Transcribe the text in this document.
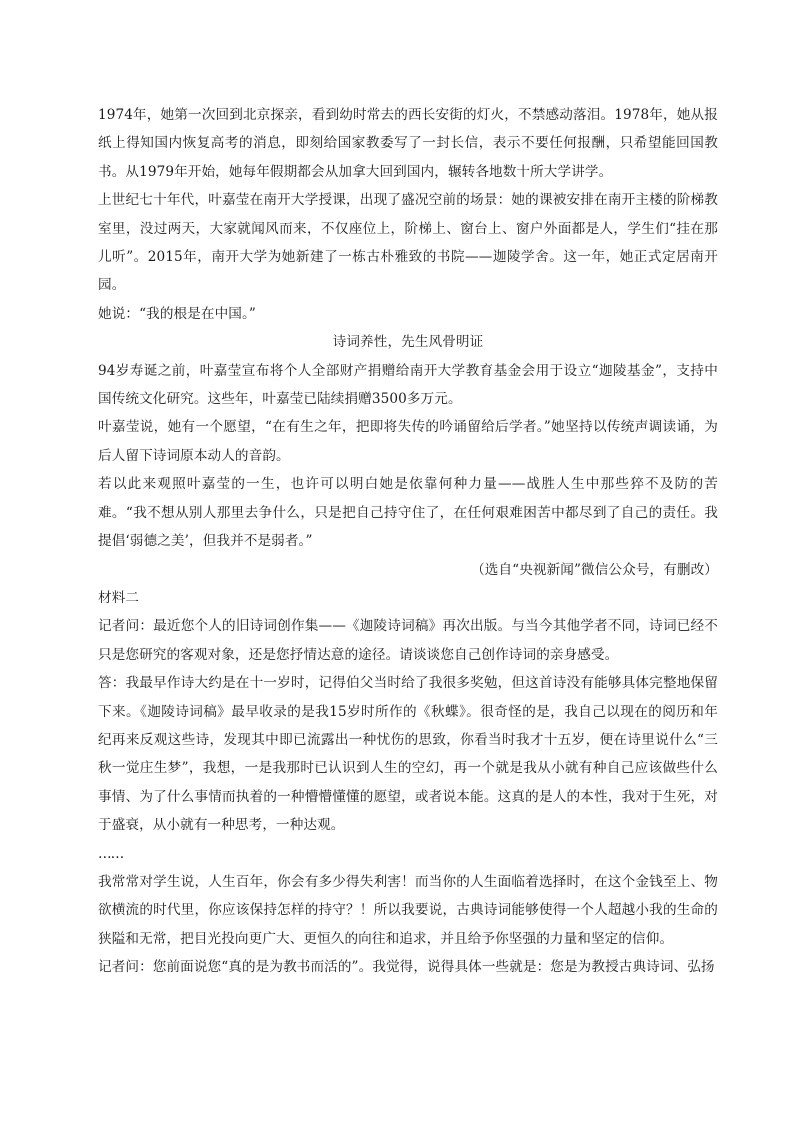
1974年，她第一次回到北京探亲，看到幼时常去的西长安街的灯火，不禁感动落泪。1978年，她从报纸上得知国内恢复高考的消息，即刻给国家教委写了一封长信，表示不要任何报酬，只希望能回国教书。从1979年开始，她每年假期都会从加拿大回到国内，辗转各地数十所大学讲学。

上世纪七十年代，叶嘉莹在南开大学授课，出现了盛况空前的场景：她的课被安排在南开主楼的阶梯教室里，没过两天，大家就闻风而来，不仅座位上，阶梯上、窗台上、窗户外面都是人，学生们“挂在那儿听”。2015年，南开大学为她新建了一栋古朴雅致的书院——迦陵学舍。这一年，她正式定居南开园。

她说：“我的根是在中国。”

诗词养性，先生风骨明证

94岁寿诞之前，叶嘉莹宣布将个人全部财产捐赠给南开大学教育基金会用于设立“迦陵基金”，支持中国传统文化研究。这些年，叶嘉莹已陆续捐赠3500多万元。

叶嘉莹说，她有一个愿望，“在有生之年，把即将失传的吟诵留给后学者。”她坚持以传统声调读诵，为后人留下诗词原本动人的音韵。

若以此来观照叶嘉莹的一生，也许可以明白她是依靠何种力量——战胜人生中那些猝不及防的苦难。“我不想从别人那里去争什么，只是把自己持守住了，在任何艰难困苦中都尽到了自己的责任。我提倡‘弱德之美’，但我并不是弱者。”

（选自“央视新闻”微信公众号，有删改）

材料二

记者问：最近您个人的旧诗词创作集——《迦陵诗词稿》再次出版。与当今其他学者不同，诗词已经不只是您研究的客观对象，还是您抒情达意的途径。请谈谈您自己创作诗词的亲身感受。

答：我最早作诗大约是在十一岁时，记得伯父当时给了我很多奖勉，但这首诗没有能够具体完整地保留下来。《迦陵诗词稿》最早收录的是我15岁时所作的《秋蝶》。很奇怪的是，我自己以现在的阅历和年纪再来反观这些诗，发现其中即已流露出一种忧伤的思致，你看当时我才十五岁，便在诗里说什么“三秋一觉庄生梦”，我想，一是我那时已认识到人生的空幻，再一个就是我从小就有种自己应该做些什么事情、为了什么事情而执着的一种懵懵懂懂的愿望，或者说本能。这真的是人的本性，我对于生死，对于盛衰，从小就有一种思考，一种达观。

……

我常常对学生说，人生百年，你会有多少得失利害！而当你的人生面临着选择时，在这个金钱至上、物欲横流的时代里，你应该保持怎样的持守？！所以我要说，古典诗词能够使得一个人超越小我的生命的狭隘和无常，把目光投向更广大、更恒久的向往和追求，并且给予你坚强的力量和坚定的信仰。

记者问：您前面说您“真的是为教书而活的”。我觉得，说得具体一些就是：您是为教授古典诗词、弘扬
